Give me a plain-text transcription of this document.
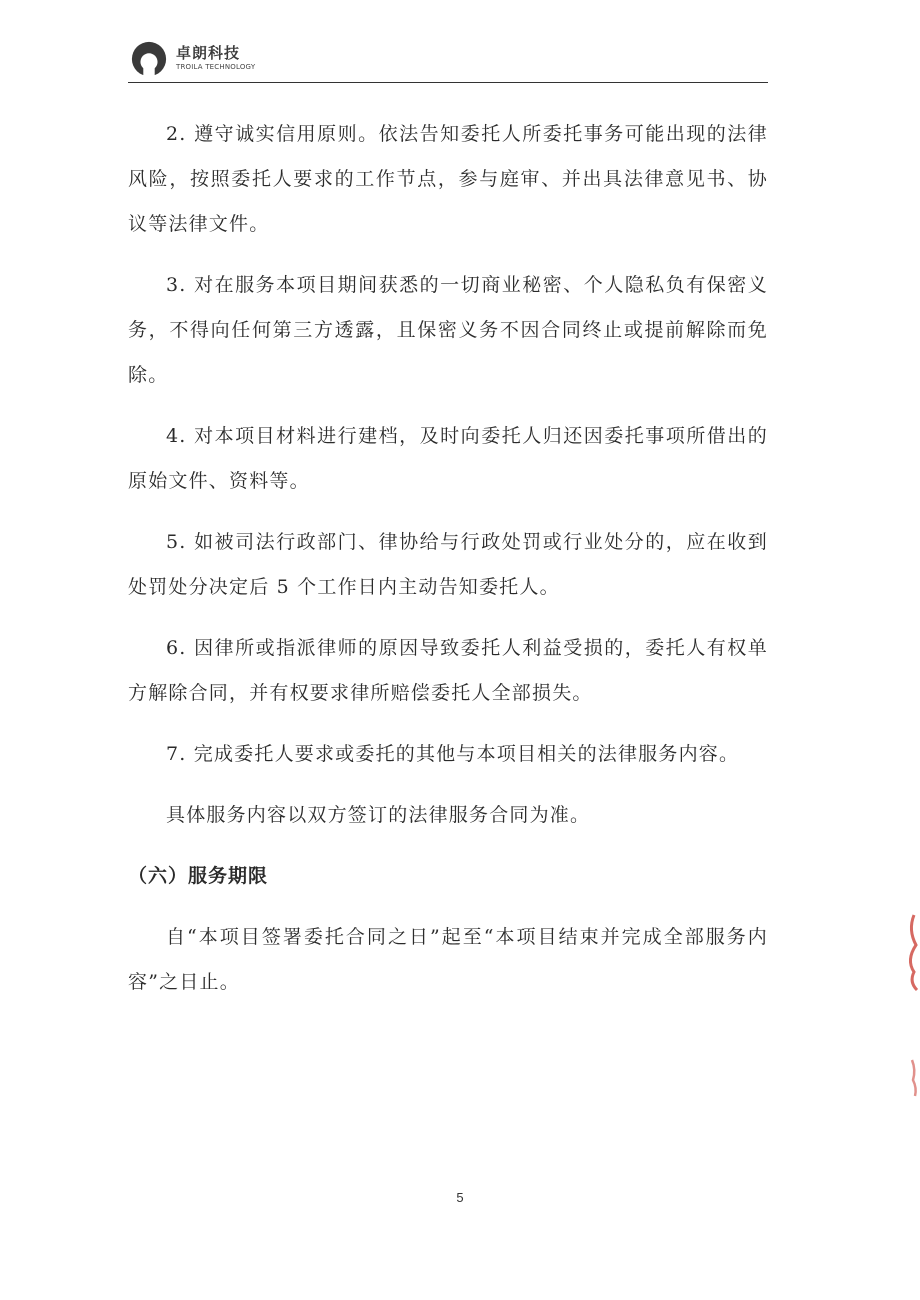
卓朗科技
TROILA TECHNOLOGY

2. 遵守诚实信用原则。依法告知委托人所委托事务可能出现的法律风险，按照委托人要求的工作节点，参与庭审、并出具法律意见书、协议等法律文件。

3. 对在服务本项目期间获悉的一切商业秘密、个人隐私负有保密义务，不得向任何第三方透露，且保密义务不因合同终止或提前解除而免除。

4. 对本项目材料进行建档，及时向委托人归还因委托事项所借出的原始文件、资料等。

5. 如被司法行政部门、律协给与行政处罚或行业处分的，应在收到处罚处分决定后 5 个工作日内主动告知委托人。

6. 因律所或指派律师的原因导致委托人利益受损的，委托人有权单方解除合同，并有权要求律所赔偿委托人全部损失。

7. 完成委托人要求或委托的其他与本项目相关的法律服务内容。

具体服务内容以双方签订的法律服务合同为准。

（六）服务期限

自“本项目签署委托合同之日”起至“本项目结束并完成全部服务内容”之日止。

5
